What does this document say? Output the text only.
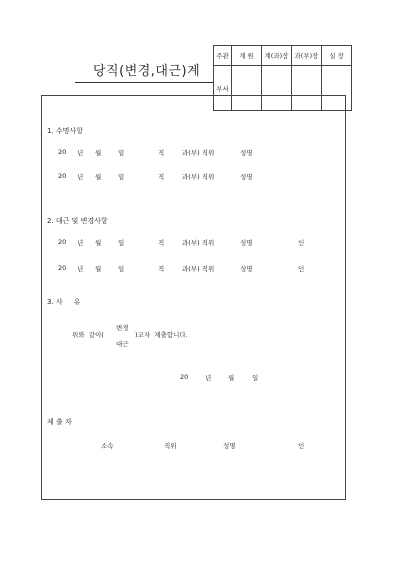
당직(변경,대근)계
주관	계 원	계(과)장	과(부)장	실 장

부서				
1. 수명사항
20 년 월	일	직	과(부) 직위	성명
20 년 월	일	직	과(부) 직위	성명
2. 대근 및 변경사항
20 년 월	일	직	과(부) 직위	성명	인
20 년 월	일	직	과(부) 직위	성명	인
3. 사     유
위와  같이(
변경
대근
)코자  제출합니다.
20	년	월	일
제 출 자
소속	직위	성명	인
